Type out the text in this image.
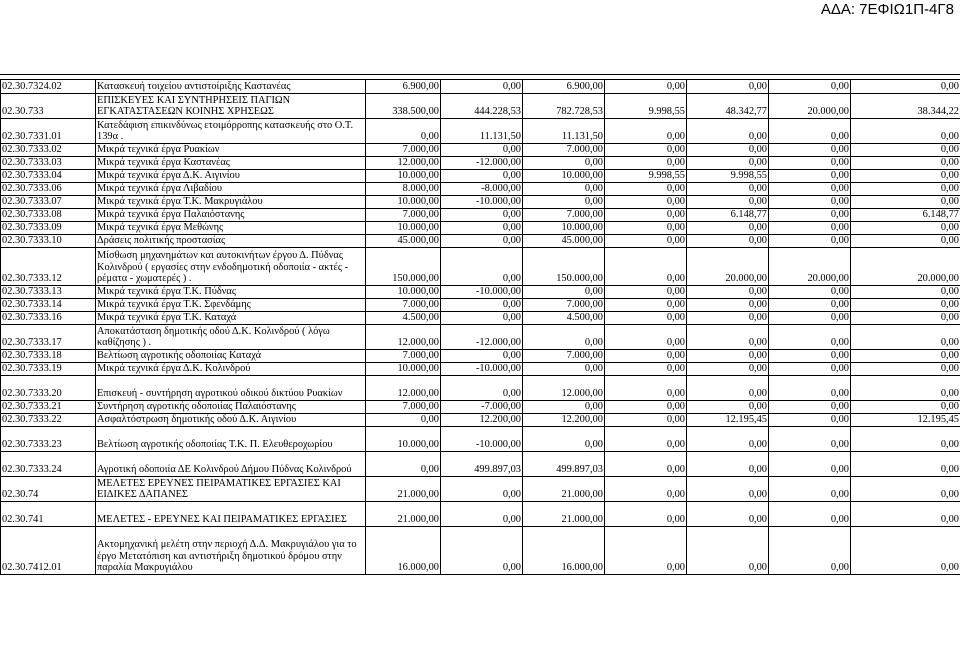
ΑΔΑ: 7ΕΦΙΩ1Π-4Γ8
02.30.7324.02	Κατασκευή τοιχείου αντιστοίριξης Καστανέας	6.900,00	0,00	6.900,00	0,00	0,00	0,00	0,00
02.30.733	ΕΠΙΣΚΕΥΕΣ ΚΑΙ ΣΥΝΤΗΡΗΣΕΙΣ ΠΑΓΙΩΝ ΕΓΚΑΤΑΣΤΑΣΕΩΝ ΚΟΙΝΗΣ ΧΡΗΣΕΩΣ	338.500,00	444.228,53	782.728,53	9.998,55	48.342,77	20.000,00	38.344,22
02.30.7331.01	Κατεδάφιση επικινδύνως ετοιμόρροπης κατασκευής στο Ο.Τ. 139α .	0,00	11.131,50	11.131,50	0,00	0,00	0,00	0,00
02.30.7333.02	Μικρά τεχνικά έργα Ρυακίων	7.000,00	0,00	7.000,00	0,00	0,00	0,00	0,00
02.30.7333.03	Μικρά τεχνικά έργα Καστανέας	12.000,00	-12.000,00	0,00	0,00	0,00	0,00	0,00
02.30.7333.04	Μικρά τεχνικά έργα Δ.Κ. Αιγινίου	10.000,00	0,00	10.000,00	9.998,55	9.998,55	0,00	0,00
02.30.7333.06	Μικρά τεχνικά έργα Λιβαδίου	8.000,00	-8.000,00	0,00	0,00	0,00	0,00	0,00
02.30.7333.07	Μικρά τεχνικά έργα Τ.Κ. Μακρυγιάλου	10.000,00	-10.000,00	0,00	0,00	0,00	0,00	0,00
02.30.7333.08	Μικρά τεχνικά έργα Παλαιόστανης	7.000,00	0,00	7.000,00	0,00	6.148,77	0,00	6.148,77
02.30.7333.09	Μικρά τεχνικά έργα Μεθώνης	10.000,00	0,00	10.000,00	0,00	0,00	0,00	0,00
02.30.7333.10	Δράσεις πολιτικής προστασίας	45.000,00	0,00	45.000,00	0,00	0,00	0,00	0,00
02.30.7333.12	Μίσθωση μηχανημάτων και αυτοκινήτων έργου Δ. Πύδνας Κολινδρού ( εργασίες στην ενδοδημοτική οδοποιία - ακτές - ρέματα - χωματερές ) .	150.000,00	0,00	150.000,00	0,00	20.000,00	20.000,00	20.000,00
02.30.7333.13	Μικρά τεχνικά έργα Τ.Κ. Πύδνας	10.000,00	-10.000,00	0,00	0,00	0,00	0,00	0,00
02.30.7333.14	Μικρά τεχνικά έργα Τ.Κ. Σφενδάμης	7.000,00	0,00	7.000,00	0,00	0,00	0,00	0,00
02.30.7333.16	Μικρά τεχνικά έργα Τ.Κ. Καταχά	4.500,00	0,00	4.500,00	0,00	0,00	0,00	0,00
02.30.7333.17	Αποκατάσταση δημοτικής οδού Δ.Κ. Κολινδρού ( λόγω καθίζησης ) .	12.000,00	-12.000,00	0,00	0,00	0,00	0,00	0,00
02.30.7333.18	Βελτίωση αγροτικής οδοποιίας Καταχά	7.000,00	0,00	7.000,00	0,00	0,00	0,00	0,00
02.30.7333.19	Μικρά τεχνικά έργα Δ.Κ. Κολινδρού	10.000,00	-10.000,00	0,00	0,00	0,00	0,00	0,00
02.30.7333.20	Επισκευή - συντήρηση αγροτικού οδικού δικτύου Ρυακίων	12.000,00	0,00	12.000,00	0,00	0,00	0,00	0,00
02.30.7333.21	Συντήρηση αγροτικής οδοποιίας Παλαιόστανης	7.000,00	-7.000,00	0,00	0,00	0,00	0,00	0,00
02.30.7333.22	Ασφαλτόστρωση δημοτικής οδού Δ.Κ. Αιγινίου	0,00	12.200,00	12.200,00	0,00	12.195,45	0,00	12.195,45
02.30.7333.23	Βελτίωση αγροτικής οδοποιίας Τ.Κ. Π. Ελευθεροχωρίου	10.000,00	-10.000,00	0,00	0,00	0,00	0,00	0,00
02.30.7333.24	Αγροτική οδοποιία ΔΕ Κολινδρού Δήμου Πύδνας Κολινδρού	0,00	499.897,03	499.897,03	0,00	0,00	0,00	0,00
02.30.74	ΜΕΛΕΤΕΣ ΕΡΕΥΝΕΣ ΠΕΙΡΑΜΑΤΙΚΕΣ ΕΡΓΑΣΙΕΣ ΚΑΙ ΕΙΔΙΚΕΣ ΔΑΠΑΝΕΣ	21.000,00	0,00	21.000,00	0,00	0,00	0,00	0,00
02.30.741	ΜΕΛΕΤΕΣ - ΕΡΕΥΝΕΣ ΚΑΙ ΠΕΙΡΑΜΑΤΙΚΕΣ ΕΡΓΑΣΙΕΣ	21.000,00	0,00	21.000,00	0,00	0,00	0,00	0,00
02.30.7412.01	Ακτομηχανική μελέτη στην περιοχή Δ.Δ. Μακρυγιάλου για το έργο Μετατόπιση και αντιστήριξη δημοτικού δρόμου στην παραλία Μακρυγιάλου	16.000,00	0,00	16.000,00	0,00	0,00	0,00	0,00
